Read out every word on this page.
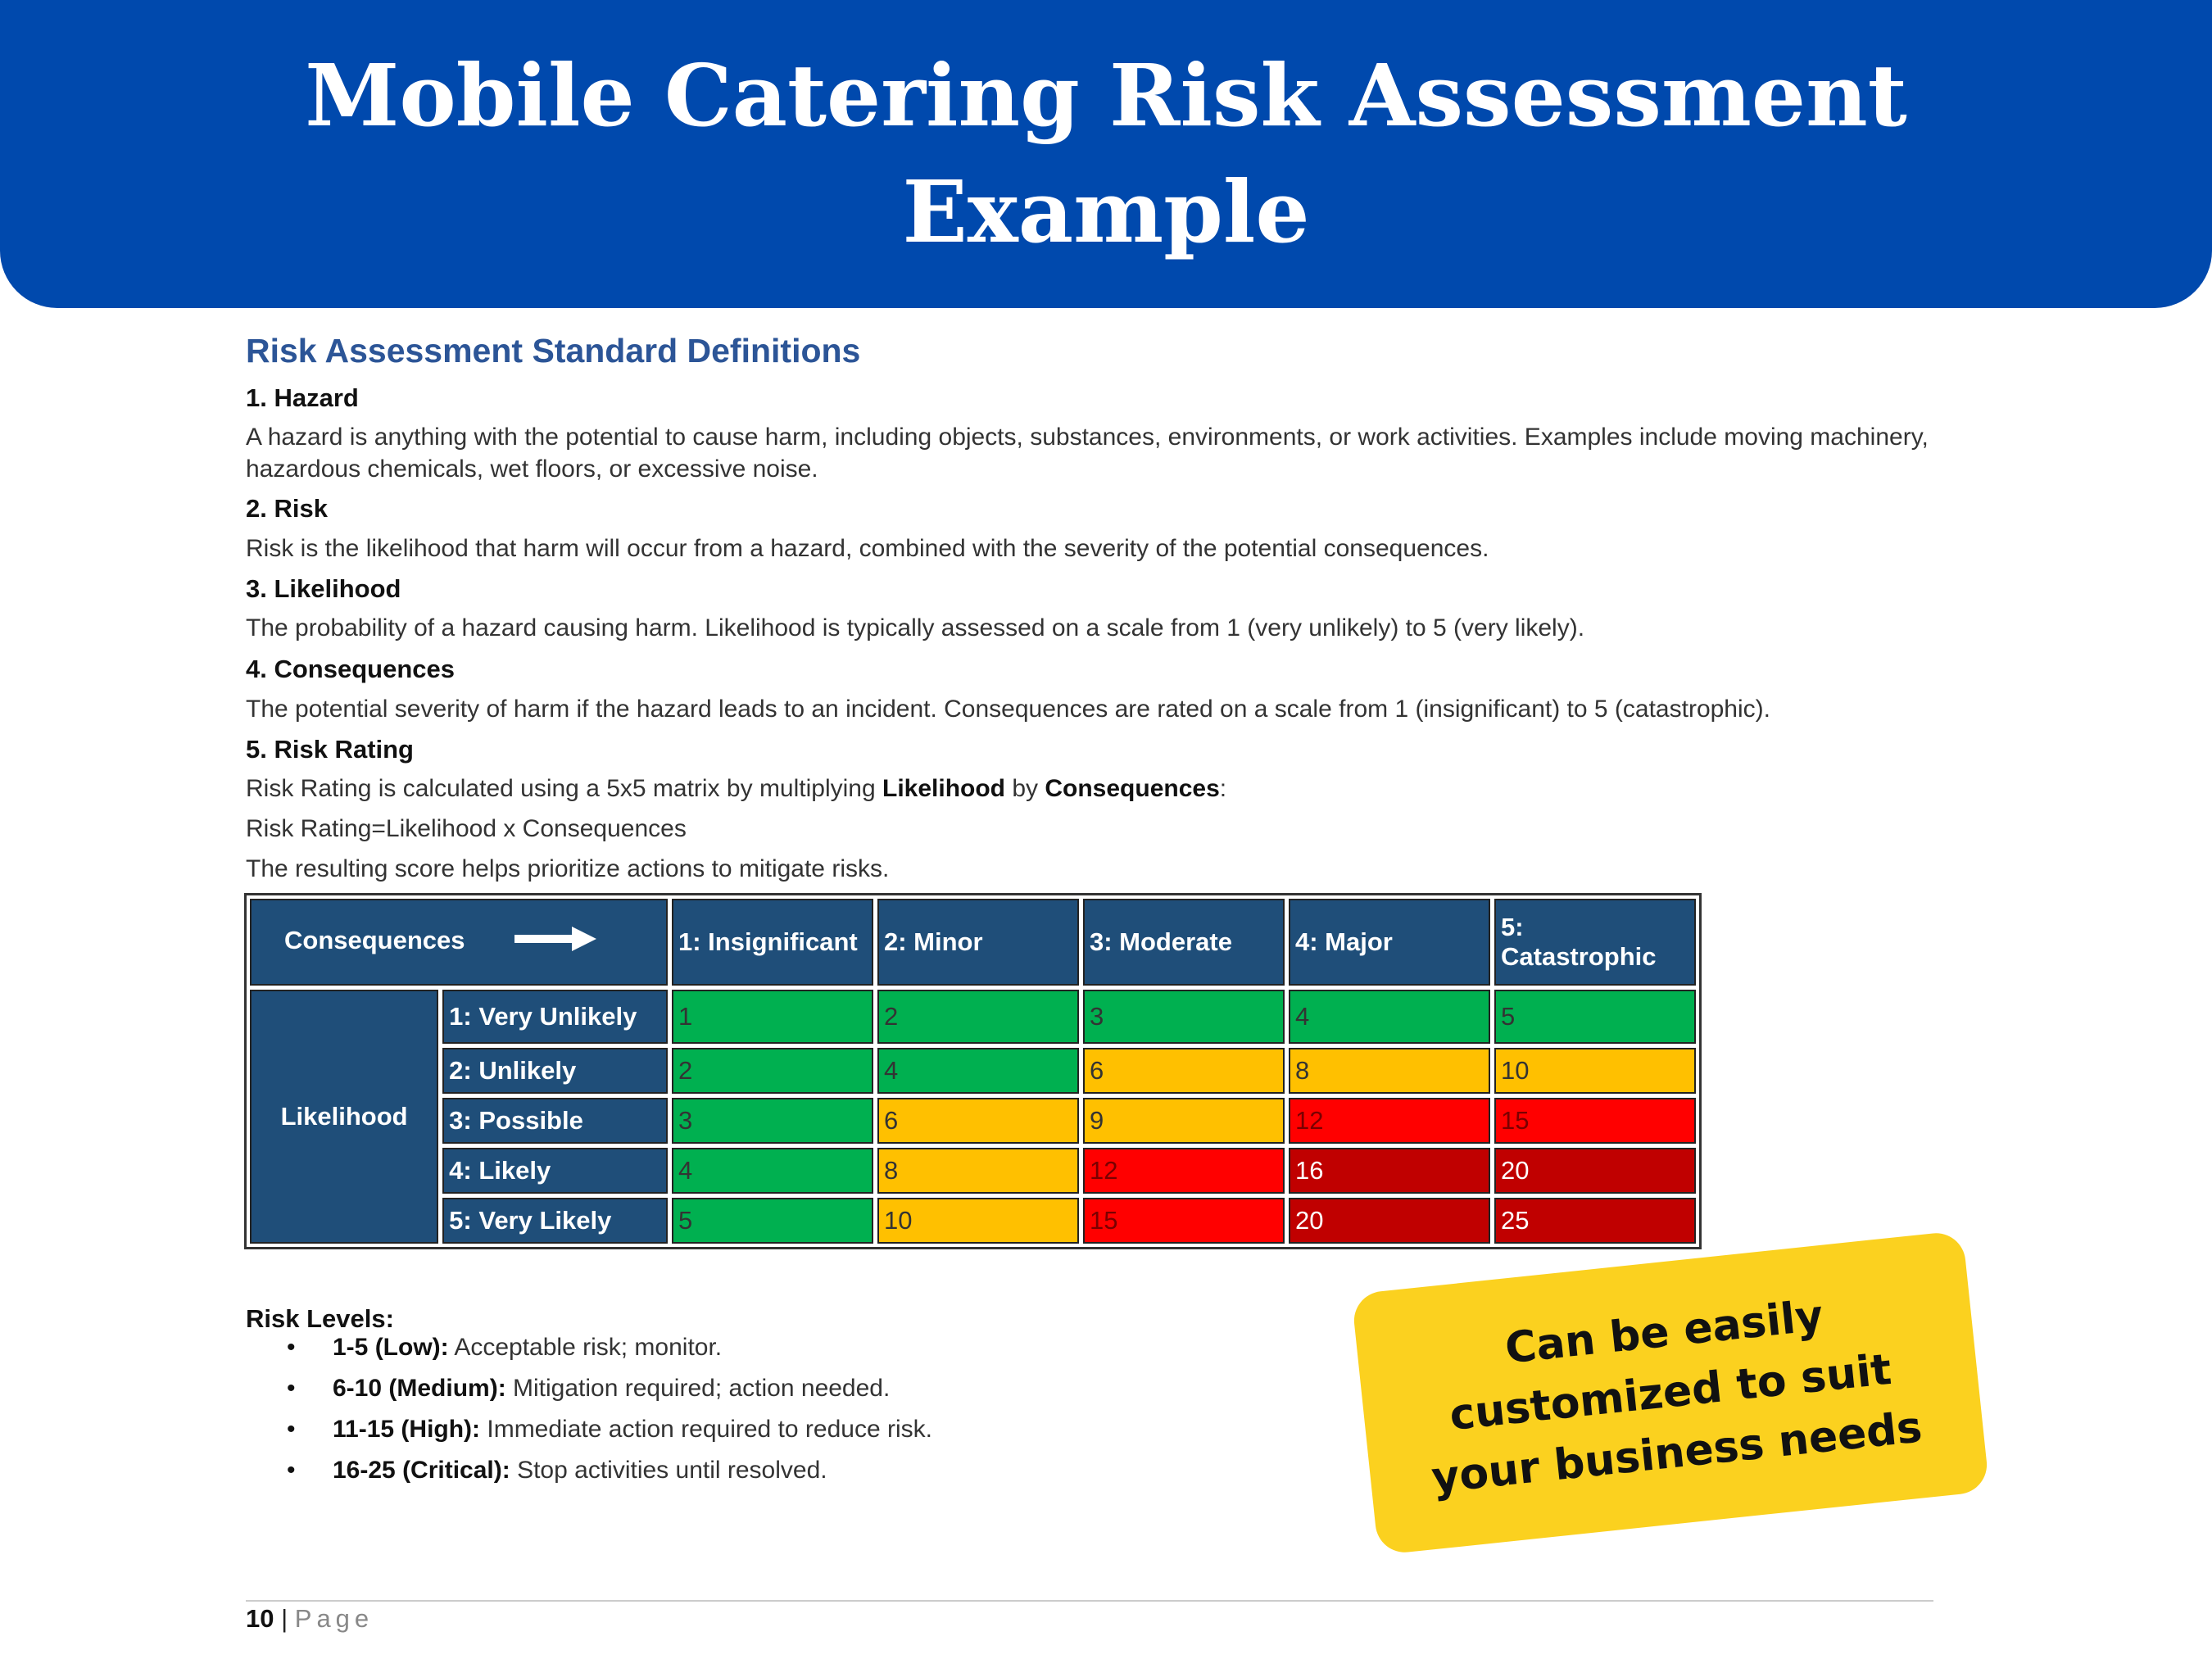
Mobile Catering Risk Assessment
Example
Risk Assessment Standard Definitions
1. Hazard

A hazard is anything with the potential to cause harm, including objects, substances, environments, or work activities. Examples include moving machinery, hazardous chemicals, wet floors, or excessive noise.

2. Risk

Risk is the likelihood that harm will occur from a hazard, combined with the severity of the potential consequences.

3. Likelihood

The probability of a hazard causing harm. Likelihood is typically assessed on a scale from 1 (very unlikely) to 5 (very likely).

4. Consequences

The potential severity of harm if the hazard leads to an incident. Consequences are rated on a scale from 1 (insignificant) to 5 (catastrophic).

5. Risk Rating

Risk Rating is calculated using a 5x5 matrix by multiplying Likelihood by Consequences:

Risk Rating=Likelihood x Consequences

The resulting score helps prioritize actions to mitigate risks.

Consequences		1: Insignificant	2: Minor	3: Moderate	4: Major	5:
Catastrophic
Likelihood	1: Very Unlikely	1	2	3	4	5
	2: Unlikely	2	4	6	8	10
	3: Possible	3	6	9	12	15
	4: Likely	4	8	12	16	20
	5: Very Likely	5	10	15	20	25
Risk Levels:
• 1-5 (Low): Acceptable risk; monitor.
• 6-10 (Medium): Mitigation required; action needed.
• 11-15 (High): Immediate action required to reduce risk.
• 16-25 (Critical): Stop activities until resolved.
Can be easily customized to suit your business needs
10 | Page
